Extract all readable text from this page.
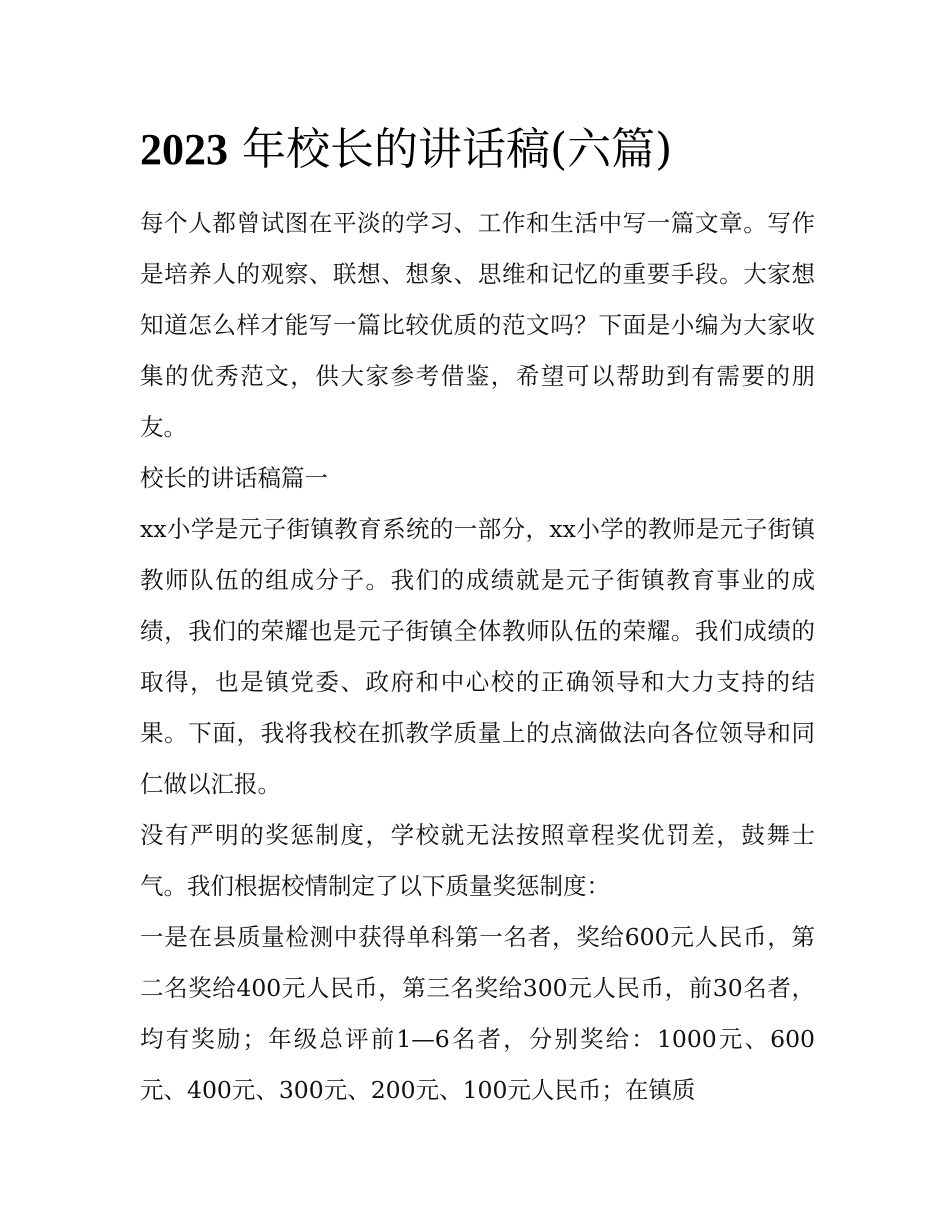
2023 年校长的讲话稿(六篇)

每个人都曾试图在平淡的学习、工作和生活中写一篇文章。写作是培养人的观察、联想、想象、思维和记忆的重要手段。大家想知道怎么样才能写一篇比较优质的范文吗？下面是小编为大家收集的优秀范文，供大家参考借鉴，希望可以帮助到有需要的朋友。

校长的讲话稿篇一

xx小学是元子街镇教育系统的一部分，xx小学的教师是元子街镇教师队伍的组成分子。我们的成绩就是元子街镇教育事业的成绩，我们的荣耀也是元子街镇全体教师队伍的荣耀。我们成绩的取得，也是镇党委、政府和中心校的正确领导和大力支持的结果。下面，我将我校在抓教学质量上的点滴做法向各位领导和同仁做以汇报。

没有严明的奖惩制度，学校就无法按照章程奖优罚差，鼓舞士气。我们根据校情制定了以下质量奖惩制度：

一是在县质量检测中获得单科第一名者，奖给600元人民币，第二名奖给400元人民币，第三名奖给300元人民币，前30名者，均有奖励；年级总评前1—6名者，分别奖给：1000元、600元、400元、300元、200元、100元人民币；在镇质
